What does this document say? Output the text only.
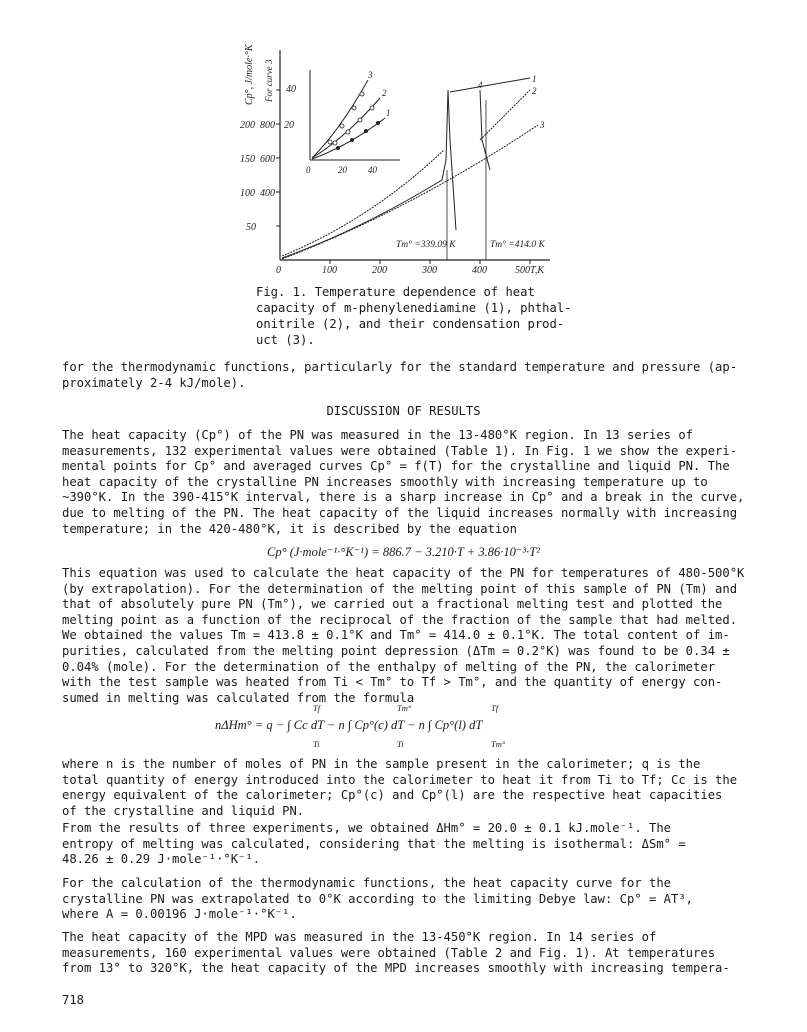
50
100
150
200
400
600
800 20
40
Cp°, J/mole·°K For curve 3
0	100	200	300	400	500T,K
0	20 40
3
2
1
1
2
3
4
Tm° =339.09 K	Tm° =414.0 K
Fig. 1. Temperature dependence of heat
capacity of m-phenylenediamine (1), phthal-
onitrile (2), and their condensation prod-
uct (3).
for the thermodynamic functions, particularly for the standard temperature and pressure (ap-
proximately 2-4 kJ/mole).
DISCUSSION OF RESULTS
The heat capacity (Cp°) of the PN was measured in the 13-480°K region. In 13 series of
measurements, 132 experimental values were obtained (Table 1). In Fig. 1 we show the experi-
mental points for Cp° and averaged curves Cp° = f(T) for the crystalline and liquid PN. The
heat capacity of the crystalline PN increases smoothly with increasing temperature up to
~390°K. In the 390-415°K interval, there is a sharp increase in Cp° and a break in the curve,
due to melting of the PN. The heat capacity of the liquid increases normally with increasing
temperature; in the 420-480°K, it is described by the equation
Cp° (J·mole⁻¹·°K⁻¹) = 886.7 − 3.210·T + 3.86·10⁻³·T²
This equation was used to calculate the heat capacity of the PN for temperatures of 480-500°K
(by extrapolation). For the determination of the melting point of this sample of PN (Tm) and
that of absolutely pure PN (Tm°), we carried out a fractional melting test and plotted the
melting point as a function of the reciprocal of the fraction of the sample that had melted.
We obtained the values Tm = 413.8 ± 0.1°K and Tm° = 414.0 ± 0.1°K. The total content of im-
purities, calculated from the melting point depression (ΔTm = 0.2°K) was found to be 0.34 ±
0.04% (mole). For the determination of the enthalpy of melting of the PN, the calorimeter
with the test sample was heated from Ti < Tm° to Tf > Tm°, and the quantity of energy con-
sumed in melting was calculated from the formula
nΔHm° = q − ∫ Cc dT − n ∫ Cp°(c) dT − n ∫ Cp°(l) dT
Tf
Ti
Tm°
Ti
Tf
Tm°
where n is the number of moles of PN in the sample present in the calorimeter; q is the
total quantity of energy introduced into the calorimeter to heat it from Ti to Tf; Cc is the
energy equivalent of the calorimeter; Cp°(c) and Cp°(l) are the respective heat capacities
of the crystalline and liquid PN.
From the results of three experiments, we obtained ΔHm° = 20.0 ± 0.1 kJ.mole⁻¹. The
entropy of melting was calculated, considering that the melting is isothermal: ΔSm° =
48.26 ± 0.29 J·mole⁻¹·°K⁻¹.
For the calculation of the thermodynamic functions, the heat capacity curve for the
crystalline PN was extrapolated to 0°K according to the limiting Debye law: Cp° = AT³,
where A = 0.00196 J·mole⁻¹·°K⁻¹.
The heat capacity of the MPD was measured in the 13-450°K region. In 14 series of
measurements, 160 experimental values were obtained (Table 2 and Fig. 1). At temperatures
from 13° to 320°K, the heat capacity of the MPD increases smoothly with increasing tempera-
718
